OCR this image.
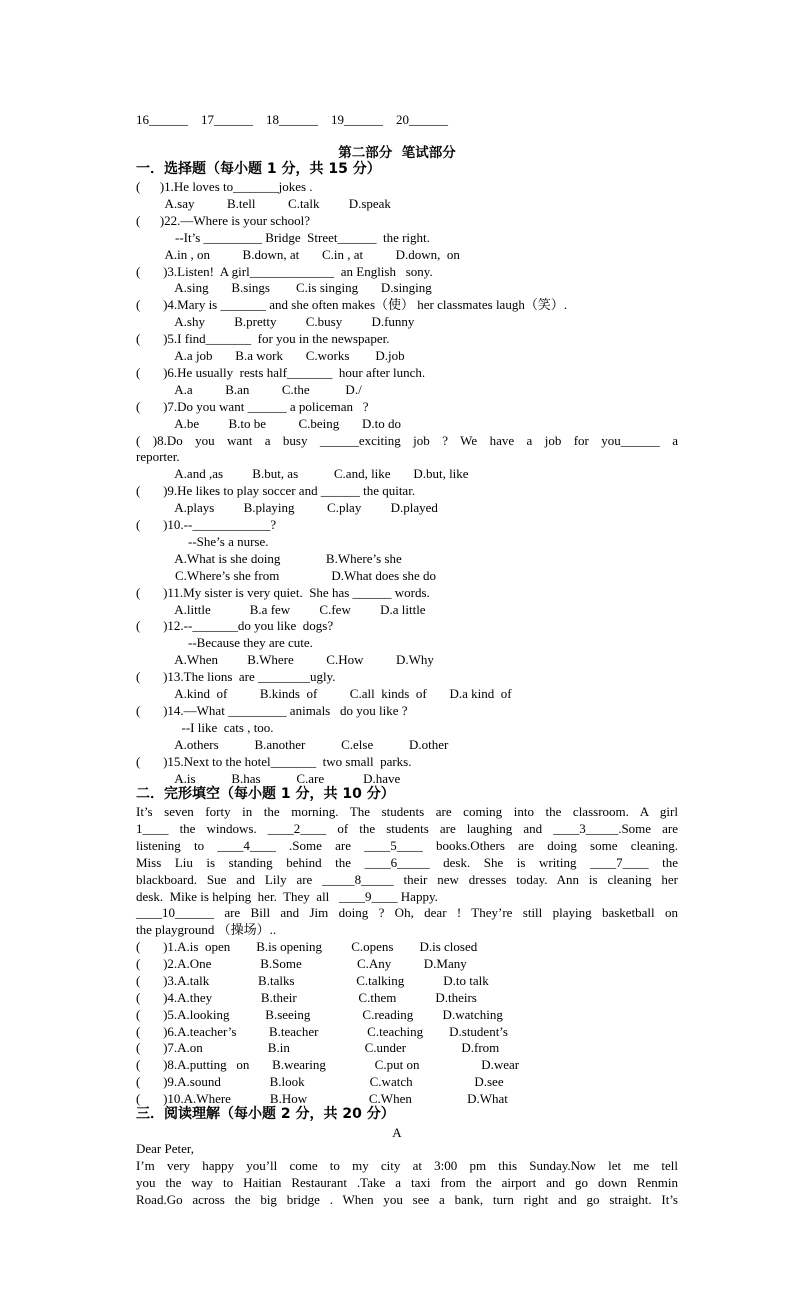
16______    17______    18______    19______    20______
第二部分  笔试部分
一．选择题（每小题 1 分，共 15 分）
(      )1.He loves to_______jokes .
A.say          B.tell          C.talk         D.speak
(      )22.—Where is your school?
--It’s _________ Bridge  Street______  the right.
A.in , on          B.down, at       C.in , at          D.down,  on
(       )3.Listen!  A girl_____________  an English   sony.
A.sing       B.sings        C.is singing       D.singing
(       )4.Mary is _______ and she often makes（使） her classmates laugh（笑）.
A.shy         B.pretty         C.busy         D.funny
(       )5.I find_______  for you in the newspaper.
A.a job       B.a work       C.works        D.job
(       )6.He usually  rests half_______  hour after lunch.
A.a          B.an          C.the           D./
(       )7.Do you want ______ a policeman   ?
A.be         B.to be          C.being       D.to do
( )8.Do you want a busy ______exciting job ? We have a job for you______ a
reporter.
A.and ,as         B.but, as           C.and, like       D.but, like
(       )9.He likes to play soccer and ______ the quitar.
A.plays         B.playing          C.play         D.played
(       )10.--____________?
--She’s a nurse.
A.What is she doing              B.Where’s she
C.Where’s she from                D.What does she do
(       )11.My sister is very quiet.  She has ______ words.
A.little            B.a few         C.few         D.a little
(       )12.--_______do you like  dogs?
--Because they are cute.
A.When         B.Where          C.How          D.Why
(       )13.The lions  are ________ugly.
A.kind  of          B.kinds  of          C.all  kinds  of       D.a kind  of
(       )14.—What _________ animals   do you like ?
--I like  cats , too.
A.others           B.another           C.else           D.other
(       )15.Next to the hotel_______  two small  parks.
A.is           B.has           C.are            D.have
二．完形填空（每小题 1 分，共 10 分）
It’s seven forty in the morning. The students are coming into the classroom. A girl
1____ the windows. ____2____ of the students are laughing and ____3_____.Some are
listening to ____4____ .Some are ____5____ books.Others are doing some cleaning.
Miss Liu is standing behind the ____6_____ desk. She is writing ____7____ the
blackboard. Sue and Lily are _____8_____ their new dresses today. Ann is cleaning her
desk.  Mike is helping  her.  They  all   ____9____ Happy.
____10______ are Bill and Jim doing ? Oh, dear ! They’re still playing basketball on
the playground （操场）..
(       )1.A.is  open        B.is opening         C.opens        D.is closed
(       )2.A.One               B.Some                 C.Any          D.Many
(       )3.A.talk               B.talks                   C.talking            D.to talk
(       )4.A.they               B.their                   C.them            D.theirs
(       )5.A.looking           B.seeing                C.reading         D.watching
(       )6.A.teacher’s          B.teacher               C.teaching        D.student’s
(       )7.A.on                    B.in                       C.under                 D.from
(       )8.A.putting   on       B.wearing               C.put on                   D.wear
(       )9.A.sound               B.look                    C.watch                   D.see
(       )10.A.Where            B.How                   C.When                 D.What
三．阅读理解（每小题 2 分，共 20 分）
A
Dear Peter,
I’m very happy you’ll come to my city at 3:00 pm this Sunday.Now let me tell
you the way to Haitian Restaurant .Take a taxi from the airport and go down Renmin
Road.Go across the big bridge . When you see a bank, turn right and go straight. It’s
